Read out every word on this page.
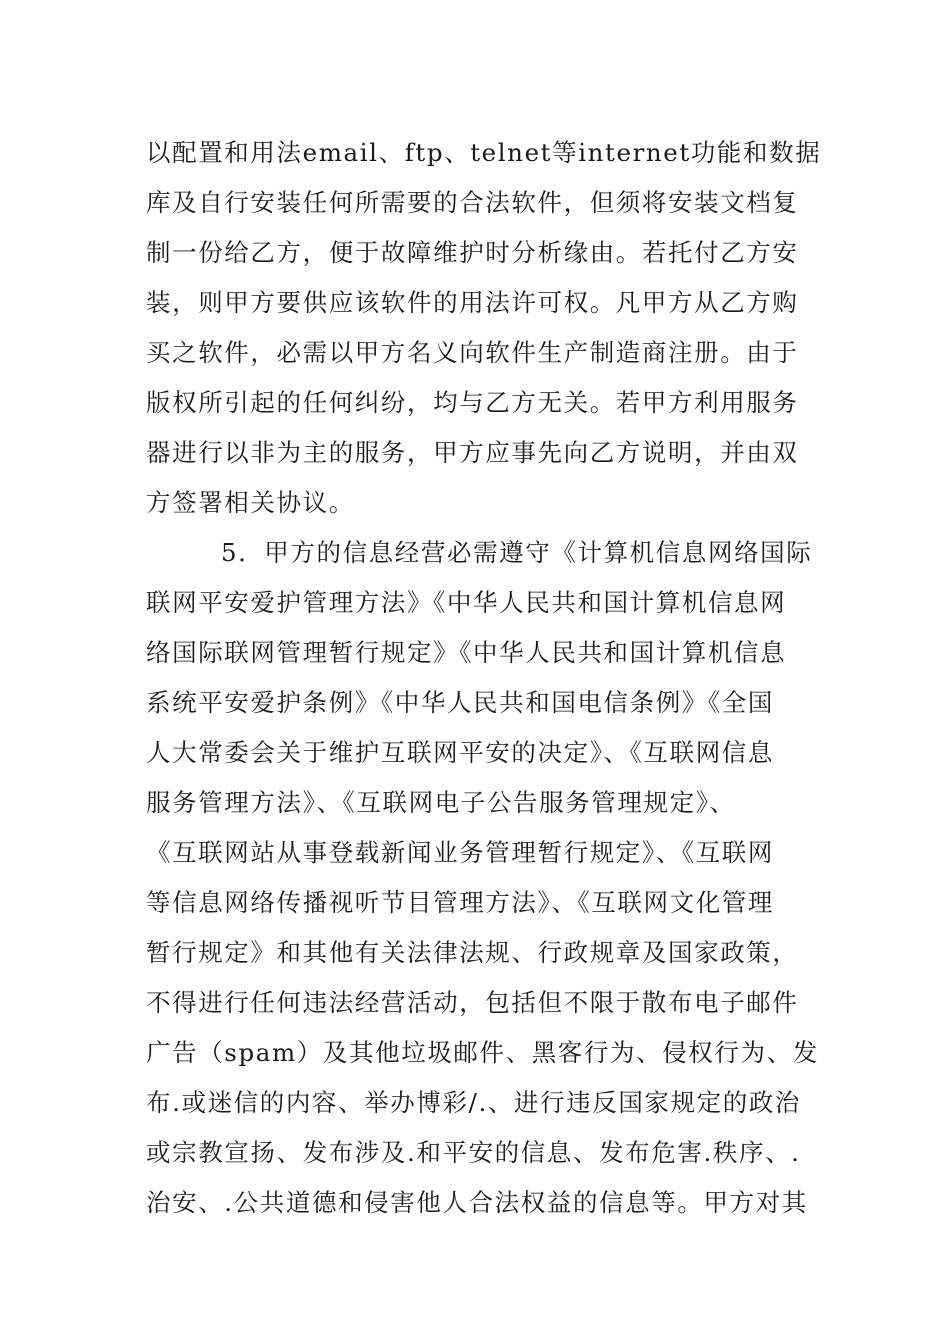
以配置和用法email、ftp、telnet等internet功能和数据
库及自行安装任何所需要的合法软件，但须将安装文档复
制一份给乙方，便于故障维护时分析缘由。若托付乙方安
装，则甲方要供应该软件的用法许可权。凡甲方从乙方购
买之软件，必需以甲方名义向软件生产制造商注册。由于
版权所引起的任何纠纷，均与乙方无关。若甲方利用服务
器进行以非为主的服务，甲方应事先向乙方说明，并由双
方签署相关协议。
5．甲方的信息经营必需遵守《计算机信息网络国际
联网平安爱护管理方法》《中华人民共和国计算机信息网
络国际联网管理暂行规定》《中华人民共和国计算机信息
系统平安爱护条例》《中华人民共和国电信条例》《全国
人大常委会关于维护互联网平安的决定》、《互联网信息
服务管理方法》、《互联网电子公告服务管理规定》、
《互联网站从事登载新闻业务管理暂行规定》、《互联网
等信息网络传播视听节目管理方法》、《互联网文化管理
暂行规定》和其他有关法律法规、行政规章及国家政策，
不得进行任何违法经营活动，包括但不限于散布电子邮件
广告（spam）及其他垃圾邮件、黑客行为、侵权行为、发
布.或迷信的内容、举办博彩/.、进行违反国家规定的政治
或宗教宣扬、发布涉及.和平安的信息、发布危害.秩序、.
治安、.公共道德和侵害他人合法权益的信息等。甲方对其
